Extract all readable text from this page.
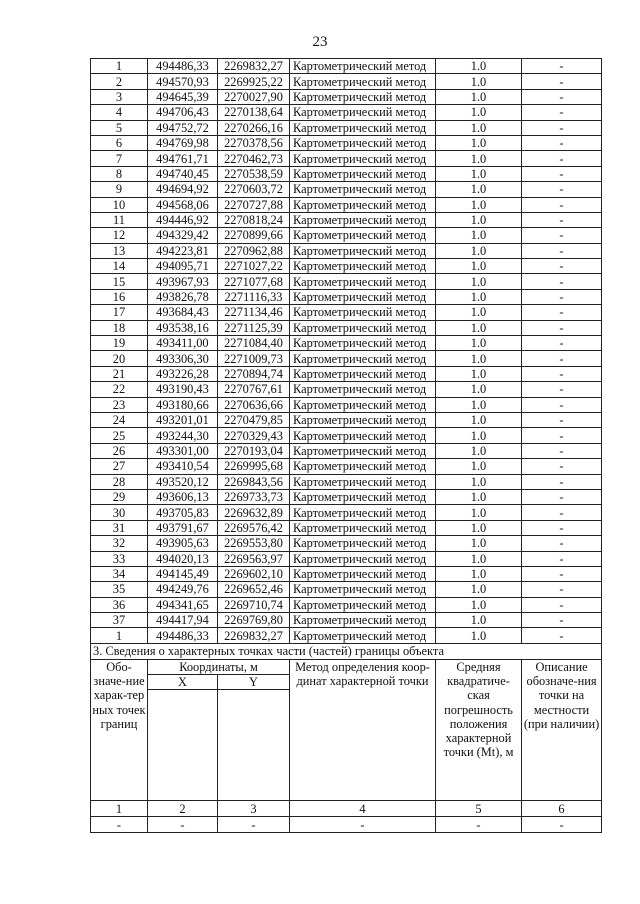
23
1	494486,33	2269832,27	Картометрический метод	1.0	-
2	494570,93	2269925,22	Картометрический метод	1.0	-
3	494645,39	2270027,90	Картометрический метод	1.0	-
4	494706,43	2270138,64	Картометрический метод	1.0	-
5	494752,72	2270266,16	Картометрический метод	1.0	-
6	494769,98	2270378,56	Картометрический метод	1.0	-
7	494761,71	2270462,73	Картометрический метод	1.0	-
8	494740,45	2270538,59	Картометрический метод	1.0	-
9	494694,92	2270603,72	Картометрический метод	1.0	-
10	494568,06	2270727,88	Картометрический метод	1.0	-
11	494446,92	2270818,24	Картометрический метод	1.0	-
12	494329,42	2270899,66	Картометрический метод	1.0	-
13	494223,81	2270962,88	Картометрический метод	1.0	-
14	494095,71	2271027,22	Картометрический метод	1.0	-
15	493967,93	2271077,68	Картометрический метод	1.0	-
16	493826,78	2271116,33	Картометрический метод	1.0	-
17	493684,43	2271134,46	Картометрический метод	1.0	-
18	493538,16	2271125,39	Картометрический метод	1.0	-
19	493411,00	2271084,40	Картометрический метод	1.0	-
20	493306,30	2271009,73	Картометрический метод	1.0	-
21	493226,28	2270894,74	Картометрический метод	1.0	-
22	493190,43	2270767,61	Картометрический метод	1.0	-
23	493180,66	2270636,66	Картометрический метод	1.0	-
24	493201,01	2270479,85	Картометрический метод	1.0	-
25	493244,30	2270329,43	Картометрический метод	1.0	-
26	493301,00	2270193,04	Картометрический метод	1.0	-
27	493410,54	2269995,68	Картометрический метод	1.0	-
28	493520,12	2269843,56	Картометрический метод	1.0	-
29	493606,13	2269733,73	Картометрический метод	1.0	-
30	493705,83	2269632,89	Картометрический метод	1.0	-
31	493791,67	2269576,42	Картометрический метод	1.0	-
32	493905,63	2269553,80	Картометрический метод	1.0	-
33	494020,13	2269563,97	Картометрический метод	1.0	-
34	494145,49	2269602,10	Картометрический метод	1.0	-
35	494249,76	2269652,46	Картометрический метод	1.0	-
36	494341,65	2269710,74	Картометрический метод	1.0	-
37	494417,94	2269769,80	Картометрический метод	1.0	-
1	494486,33	2269832,27	Картометрический метод	1.0	-
3. Сведения о характерных точках части (частей) границы объекта					
Обо-значе-ние харак-тер ных точек границ	Координаты, м		Метод определения коор-динат характерной точки	Средняя квадратиче-ская погрешность положения характерной точки (Mt), м	Описание обозначе-ния точки на местности (при наличии)
	X	Y			

1	2	3	4	5	6
-	-	-	-	-	-
